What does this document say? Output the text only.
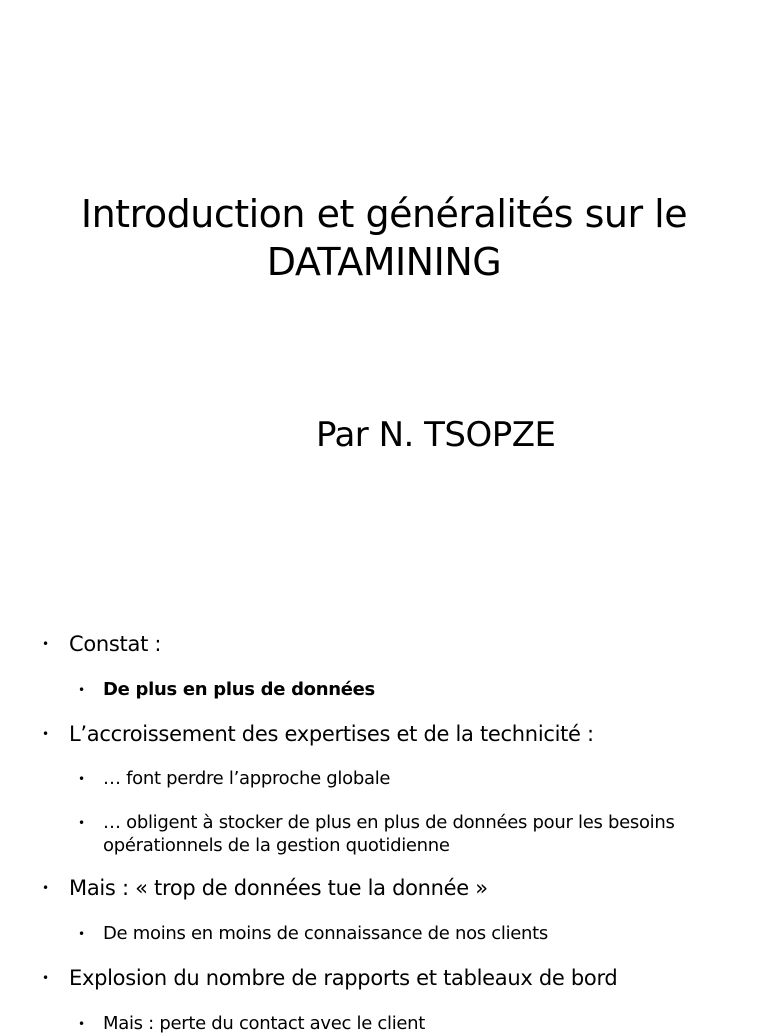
Introduction et généralités sur le
DATAMINING
Par N. TSOPZE
• Constat :
• De plus en plus de données
• L’accroissement des expertises et de la technicité :
• … font perdre l’approche globale
• … obligent à stocker de plus en plus de données pour les besoins opérationnels de la gestion quotidienne
• Mais : « trop de données tue la donnée »
• De moins en moins de connaissance de nos clients
• Explosion du nombre de rapports et tableaux de bord
• Mais : perte du contact avec le client
